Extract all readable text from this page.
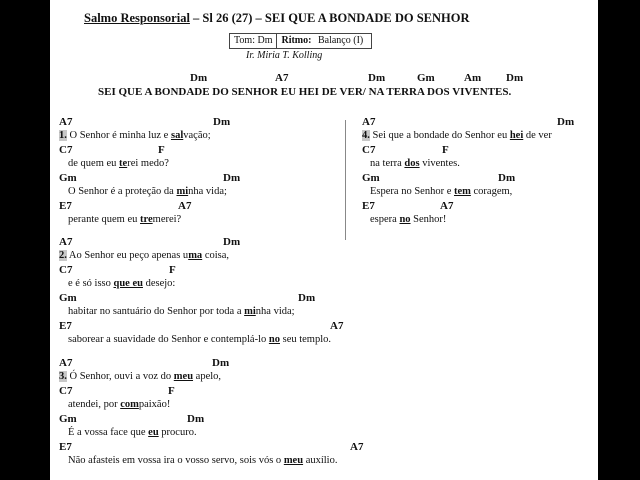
Salmo Responsorial – Sl 26 (27) – SEI QUE A BONDADE DO SENHOR
Tom: Dm Ritmo: Balanço (I)
Ir. Miria T. Kolling
Dm	A7	Dm	Gm	Am Dm
SEI QUE A BONDADE DO SENHOR EU HEI DE VER/ NA TERRA DOS VIVENTES.
A7	Dm
1. O Senhor é minha luz e salvação;
C7	F
de quem eu terei medo?
Gm	Dm
O Senhor é a proteção da minha vida;
E7	A7
perante quem eu tremerei?
A7	Dm
2. Ao Senhor eu peço apenas uma coisa,
C7	F
e é só isso que eu desejo:
Gm	Dm
habitar no santuário do Senhor por toda a minha vida;
E7	A7
saborear a suavidade do Senhor e contemplá-lo no seu templo.
A7	Dm
3. Ó Senhor, ouvi a voz do meu apelo,
C7	F
atendei, por compaixão!
Gm	Dm
É a vossa face que eu procuro.
E7	A7
Não afasteis em vossa ira o vosso servo, sois vós o meu auxílio.
A7	Dm
4. Sei que a bondade do Senhor eu hei de ver
C7	F
na terra dos viventes.
Gm	Dm
Espera no Senhor e tem coragem,
E7	A7
espera no Senhor!
